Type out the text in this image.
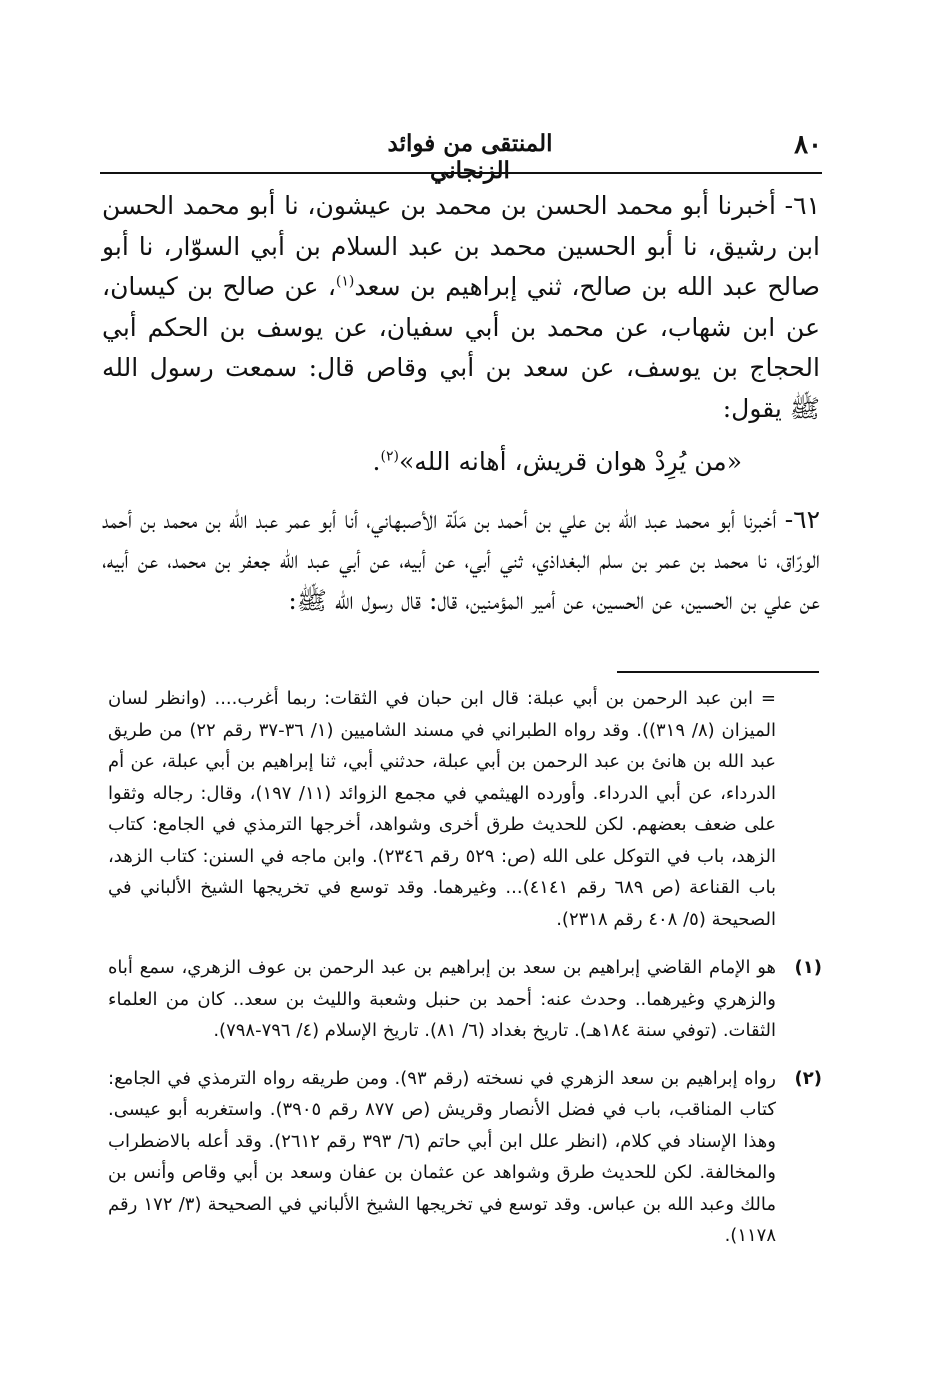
٨٠
المنتقى من فوائد الزنجاني

٦١- أخبرنا أبو محمد الحسن بن محمد بن عيشون، نا أبو محمد الحسن ابن رشيق، نا أبو الحسين محمد بن عبد السلام بن أبي السوّار، نا أبو صالح عبد الله بن صالح، ثني إبراهيم بن سعد$^{(١)}$، عن صالح بن كيسان، عن ابن شهاب، عن محمد بن أبي سفيان، عن يوسف بن الحكم أبي الحجاج بن يوسف، عن سعد بن أبي وقاص قال: سمعت رسول الله ﷺ يقول:

«من يُرِدْ هوان قريش، أهانه الله»$^{(٢)}$.

٦٢- أخبرنا أبو محمد عبد الله بن علي بن أحمد بن مَلّة الأصبهاني، أنا أبو عمر عبد الله بن محمد بن أحمد الورّاق، نا محمد بن عمر بن سلم البغداذي، ثني أبي، عن أبيه، عن أبي عبد الله جعفر بن محمد، عن أبيه، عن علي بن الحسين، عن الحسين، عن أمير المؤمنين، قال: قال رسول الله ﷺ:

= ابن عبد الرحمن بن أبي عبلة: قال ابن حبان في الثقات: ربما أغرب.... (وانظر لسان الميزان (٨/ ٣١٩)). وقد رواه الطبراني في مسند الشاميين (١/ ٣٦-٣٧ رقم ٢٢) من طريق عبد الله بن هانئ بن عبد الرحمن بن أبي عبلة، حدثني أبي، ثنا إبراهيم بن أبي عبلة، عن أم الدرداء، عن أبي الدرداء. وأورده الهيثمي في مجمع الزوائد (١١/ ١٩٧)، وقال: رجاله وثقوا على ضعف بعضهم. لكن للحديث طرق أخرى وشواهد، أخرجها الترمذي في الجامع: كتاب الزهد، باب في التوكل على الله (ص: ٥٢٩ رقم ٢٣٤٦). وابن ماجه في السنن: كتاب الزهد، باب القناعة (ص ٦٨٩ رقم ٤١٤١)... وغيرهما. وقد توسع في تخريجها الشيخ الألباني في الصحيحة (٥/ ٤٠٨ رقم ٢٣١٨).

(١)

هو الإمام القاضي إبراهيم بن سعد بن إبراهيم بن عبد الرحمن بن عوف الزهري، سمع أباه والزهري وغيرهما.. وحدث عنه: أحمد بن حنبل وشعبة والليث بن سعد.. كان من العلماء الثقات. (توفي سنة ١٨٤هـ). تاريخ بغداد (٦/ ٨١). تاريخ الإسلام (٤/ ٧٩٦-٧٩٨).

(٢)

رواه إبراهيم بن سعد الزهري في نسخته (رقم ٩٣). ومن طريقه رواه الترمذي في الجامع: كتاب المناقب، باب في فضل الأنصار وقريش (ص ٨٧٧ رقم ٣٩٠٥). واستغربه أبو عيسى. وهذا الإسناد في كلام، (انظر علل ابن أبي حاتم (٦/ ٣٩٣ رقم ٢٦١٢). وقد أعله بالاضطراب والمخالفة. لكن للحديث طرق وشواهد عن عثمان بن عفان وسعد بن أبي وقاص وأنس بن مالك وعبد الله بن عباس. وقد توسع في تخريجها الشيخ الألباني في الصحيحة (٣/ ١٧٢ رقم ١١٧٨).
